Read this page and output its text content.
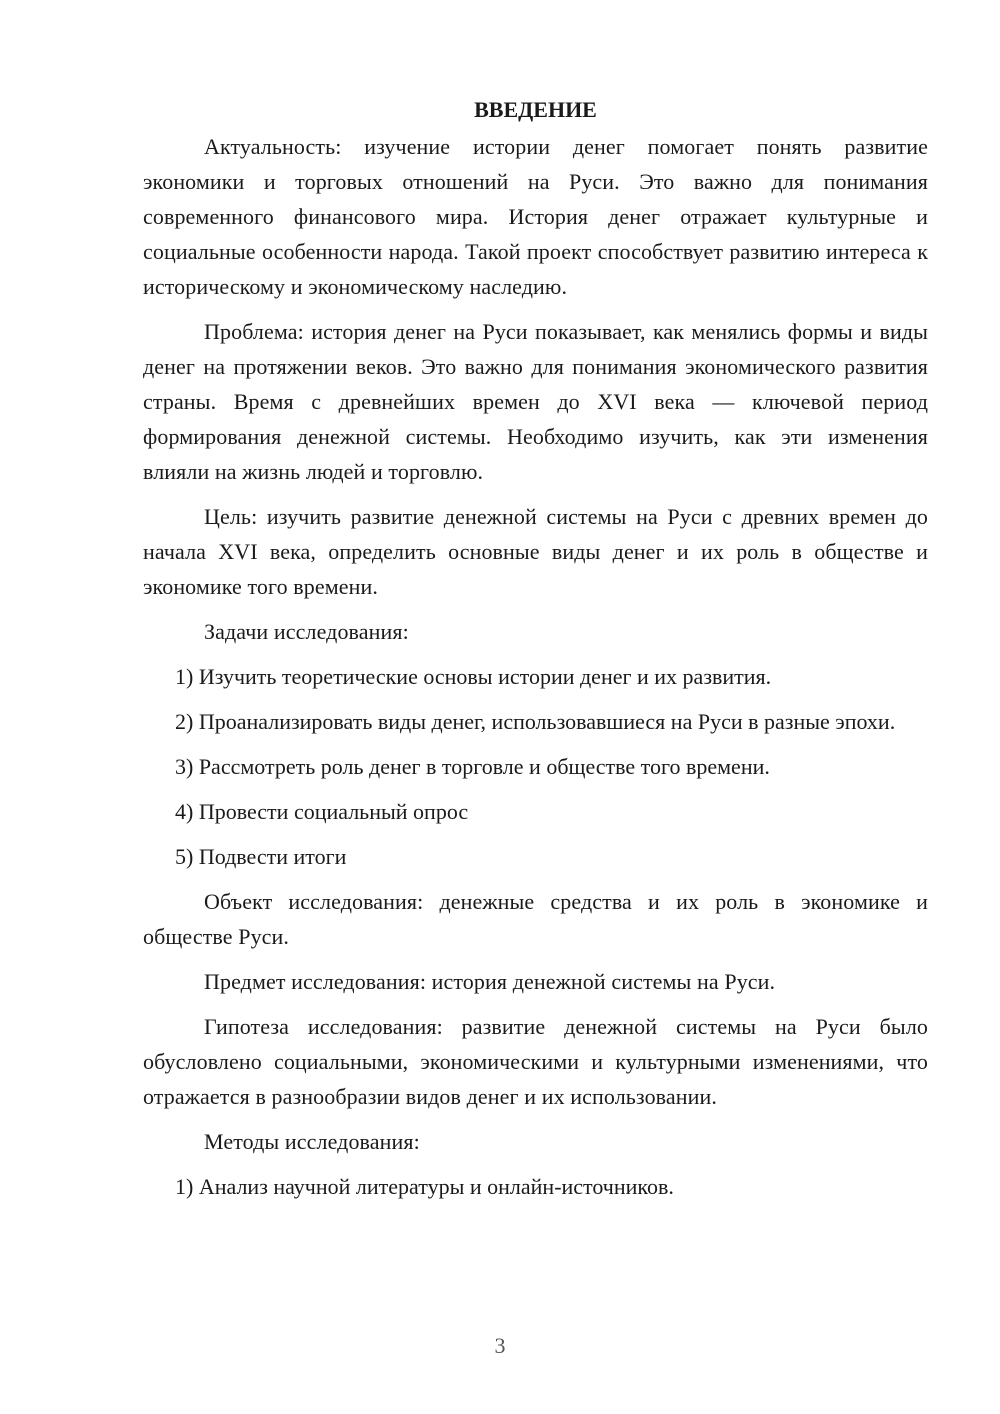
ВВЕДЕНИЕ

Актуальность: изучение истории денег помогает понять развитие экономики и торговых отношений на Руси. Это важно для понимания современного финансового мира. История денег отражает культурные и социальные особенности народа. Такой проект способствует развитию интереса к историческому и экономическому наследию.

Проблема: история денег на Руси показывает, как менялись формы и виды денег на протяжении веков. Это важно для понимания экономического развития страны. Время с древнейших времен до XVI века — ключевой период формирования денежной системы. Необходимо изучить, как эти изменения влияли на жизнь людей и торговлю.

Цель: изучить развитие денежной системы на Руси с древних времен до начала XVI века, определить основные виды денег и их роль в обществе и экономике того времени.

Задачи исследования:

1) Изучить теоретические основы истории денег и их развития.

2) Проанализировать виды денег, использовавшиеся на Руси в разные эпохи.

3) Рассмотреть роль денег в торговле и обществе того времени.

4) Провести социальный опрос

5) Подвести итоги

Объект исследования: денежные средства и их роль в экономике и обществе Руси.

Предмет исследования: история денежной системы на Руси.

Гипотеза исследования: развитие денежной системы на Руси было обусловлено социальными, экономическими и культурными изменениями, что отражается в разнообразии видов денег и их использовании.

Методы исследования:

1) Анализ научной литературы и онлайн-источников.

3
